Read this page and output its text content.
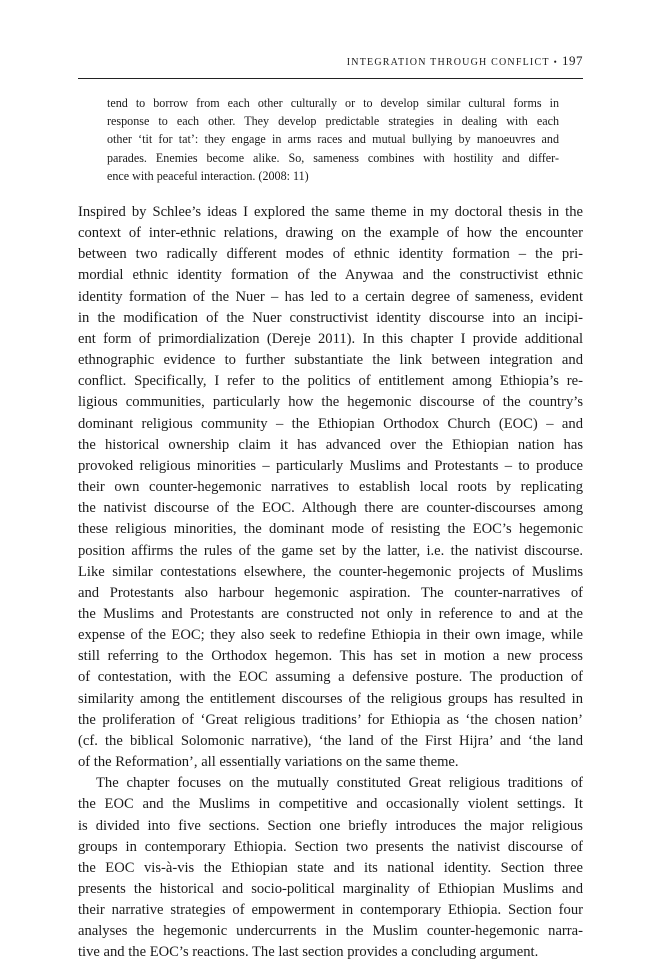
INTEGRATION THROUGH CONFLICT • 197
tend to borrow from each other culturally or to develop similar cultural forms in
response to each other. They develop predictable strategies in dealing with each
other ‘tit for tat’: they engage in arms races and mutual bullying by manoeuvres and
parades. Enemies become alike. So, sameness combines with hostility and differ-
ence with peaceful interaction. (2008: 11)
Inspired by Schlee’s ideas I explored the same theme in my doctoral thesis in the
context of inter-ethnic relations, drawing on the example of how the encounter
between two radically different modes of ethnic identity formation – the pri-
mordial ethnic identity formation of the Anywaa and the constructivist ethnic
identity formation of the Nuer – has led to a certain degree of sameness, evident
in the modification of the Nuer constructivist identity discourse into an incipi-
ent form of primordialization (Dereje 2011). In this chapter I provide additional
ethnographic evidence to further substantiate the link between integration and
conflict. Specifically, I refer to the politics of entitlement among Ethiopia’s re-
ligious communities, particularly how the hegemonic discourse of the country’s
dominant religious community – the Ethiopian Orthodox Church (EOC) – and
the historical ownership claim it has advanced over the Ethiopian nation has
provoked religious minorities – particularly Muslims and Protestants – to produce
their own counter-hegemonic narratives to establish local roots by replicating
the nativist discourse of the EOC. Although there are counter-discourses among
these religious minorities, the dominant mode of resisting the EOC’s hegemonic
position affirms the rules of the game set by the latter, i.e. the nativist discourse.
Like similar contestations elsewhere, the counter-hegemonic projects of Muslims
and Protestants also harbour hegemonic aspiration. The counter-narratives of
the Muslims and Protestants are constructed not only in reference to and at the
expense of the EOC; they also seek to redefine Ethiopia in their own image, while
still referring to the Orthodox hegemon. This has set in motion a new process
of contestation, with the EOC assuming a defensive posture. The production of
similarity among the entitlement discourses of the religious groups has resulted in
the proliferation of ‘Great religious traditions’ for Ethiopia as ‘the chosen nation’
(cf. the biblical Solomonic narrative), ‘the land of the First Hijra’ and ‘the land
of the Reformation’, all essentially variations on the same theme.
The chapter focuses on the mutually constituted Great religious traditions of
the EOC and the Muslims in competitive and occasionally violent settings. It
is divided into five sections. Section one briefly introduces the major religious
groups in contemporary Ethiopia. Section two presents the nativist discourse of
the EOC vis-à-vis the Ethiopian state and its national identity. Section three
presents the historical and socio-political marginality of Ethiopian Muslims and
their narrative strategies of empowerment in contemporary Ethiopia. Section four
analyses the hegemonic undercurrents in the Muslim counter-hegemonic narra-
tive and the EOC’s reactions. The last section provides a concluding argument.
